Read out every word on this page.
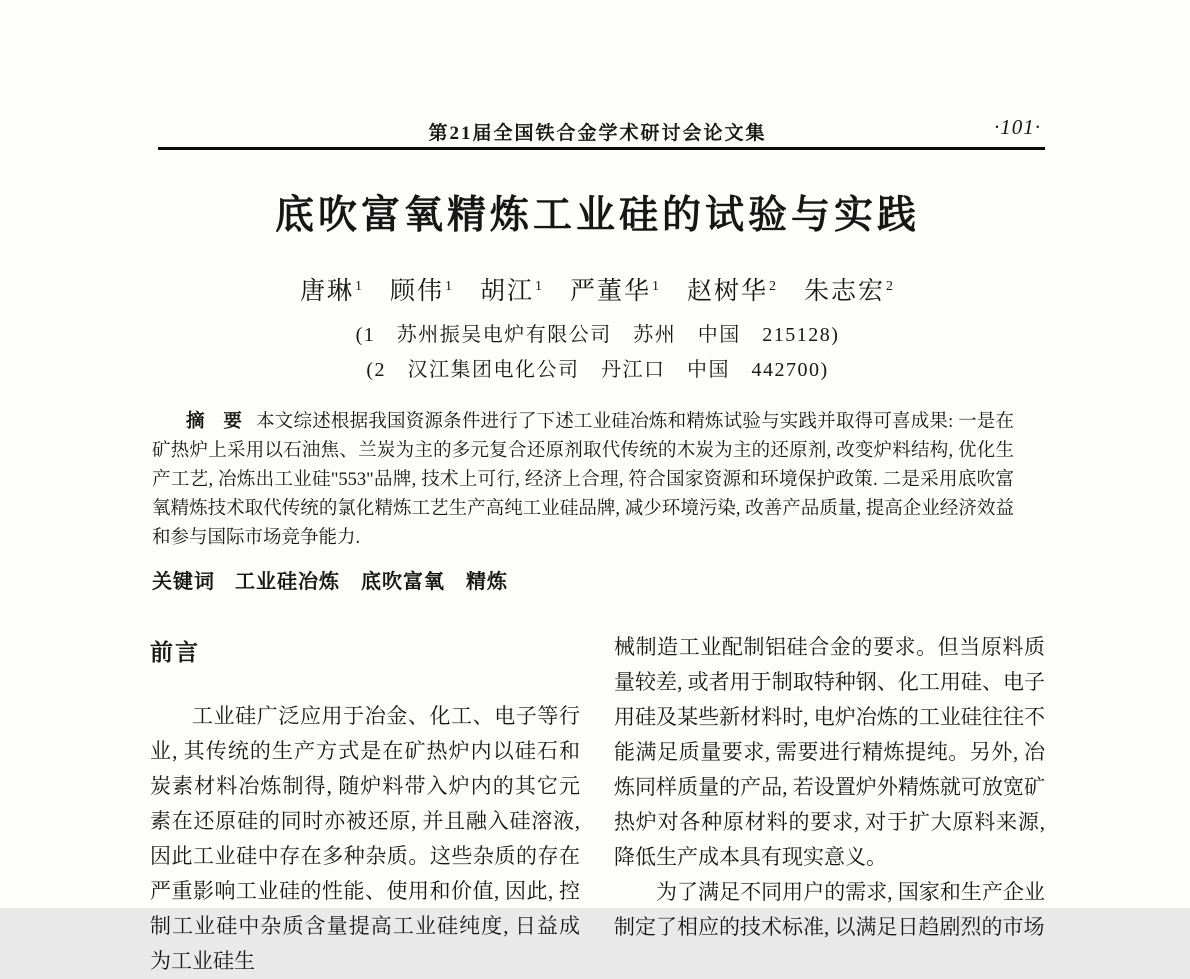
第21届全国铁合金学术研讨会论文集	·101·
底吹富氧精炼工业硅的试验与实践
唐琳$^1$ 顾伟$^1$ 胡江$^1$ 严董华$^1$ 赵树华$^2$ 朱志宏$^2$
(1　苏州振吴电炉有限公司　苏州　中国　215128)
(2　汉江集团电化公司　丹江口　中国　442700)

摘　要 本文综述根据我国资源条件进行了下述工业硅冶炼和精炼试验与实践并取得可喜成果: 一是在矿热炉上采用以石油焦、兰炭为主的多元复合还原剂取代传统的木炭为主的还原剂, 改变炉料结构, 优化生产工艺, 冶炼出工业硅"553"品牌, 技术上可行, 经济上合理, 符合国家资源和环境保护政策. 二是采用底吹富氧精炼技术取代传统的氯化精炼工艺生产高纯工业硅品牌, 减少环境污染, 改善产品质量, 提高企业经济效益和参与国际市场竞争能力.

关键词 工业硅冶炼　底吹富氧　精炼
前言

工业硅广泛应用于冶金、化工、电子等行业, 其传统的生产方式是在矿热炉内以硅石和炭素材料冶炼制得, 随炉料带入炉内的其它元素在还原硅的同时亦被还原, 并且融入硅溶液, 因此工业硅中存在多种杂质。这些杂质的存在严重影响工业硅的性能、使用和价值, 因此, 控制工业硅中杂质含量提高工业硅纯度, 日益成为工业硅生

械制造工业配制铝硅合金的要求。但当原料质量较差, 或者用于制取特种钢、化工用硅、电子用硅及某些新材料时, 电炉冶炼的工业硅往往不能满足质量要求, 需要进行精炼提纯。另外, 冶炼同样质量的产品, 若设置炉外精炼就可放宽矿热炉对各种原材料的要求, 对于扩大原料来源, 降低生产成本具有现实意义。

为了满足不同用户的需求, 国家和生产企业制定了相应的技术标准, 以满足日趋剧烈的市场
